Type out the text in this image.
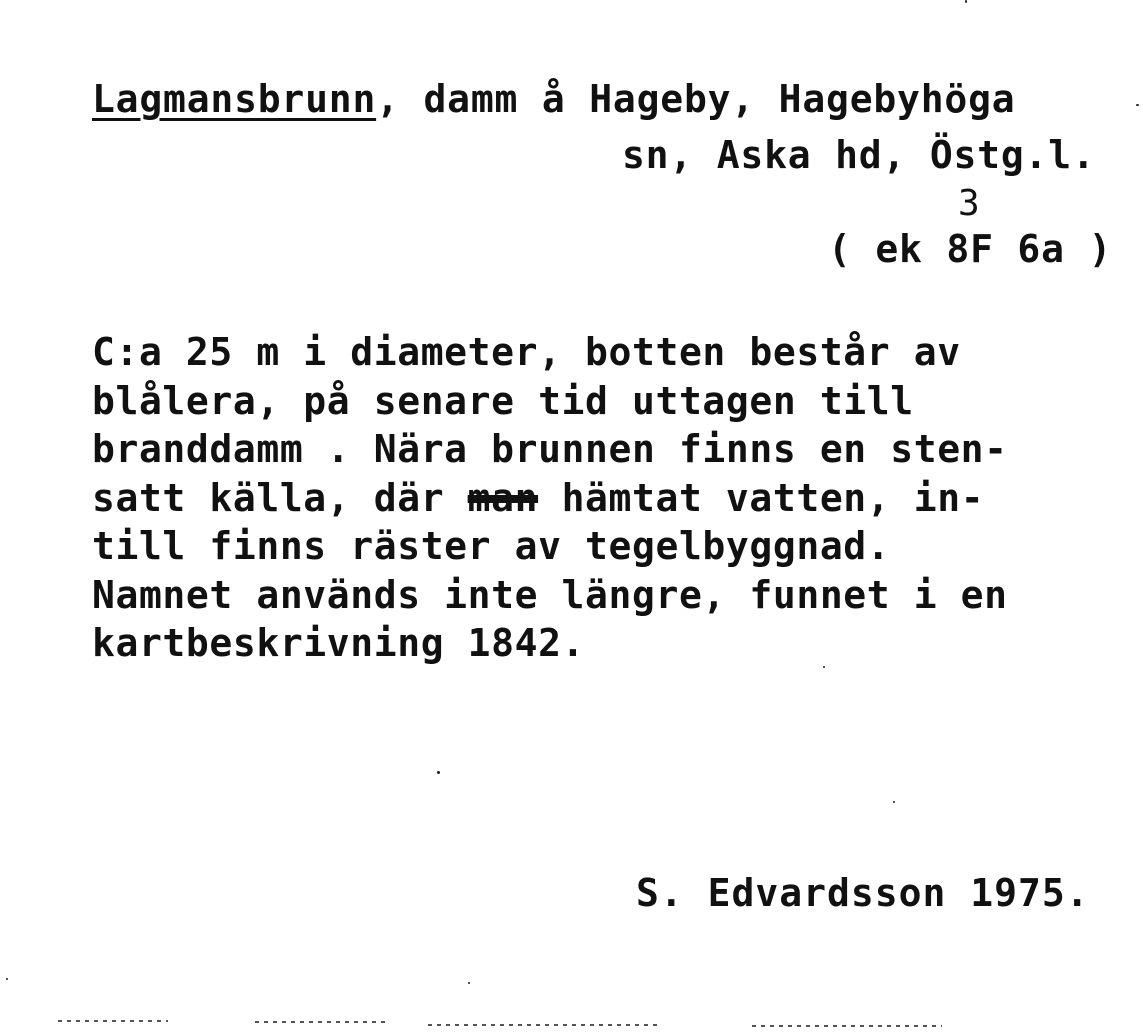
Lagmansbrunn, damm å Hageby, Hagebyhöga
sn, Aska hd, Östg.l.
3
( ek 8F 6a )
C:a 25 m i diameter, botten består av
blålera, på senare tid uttagen till
branddamm . Nära brunnen finns en sten-
satt källa, där man hämtat vatten, in-
till finns räster av tegelbyggnad.
Namnet används inte längre, funnet i en
kartbeskrivning 1842.
S. Edvardsson 1975.
